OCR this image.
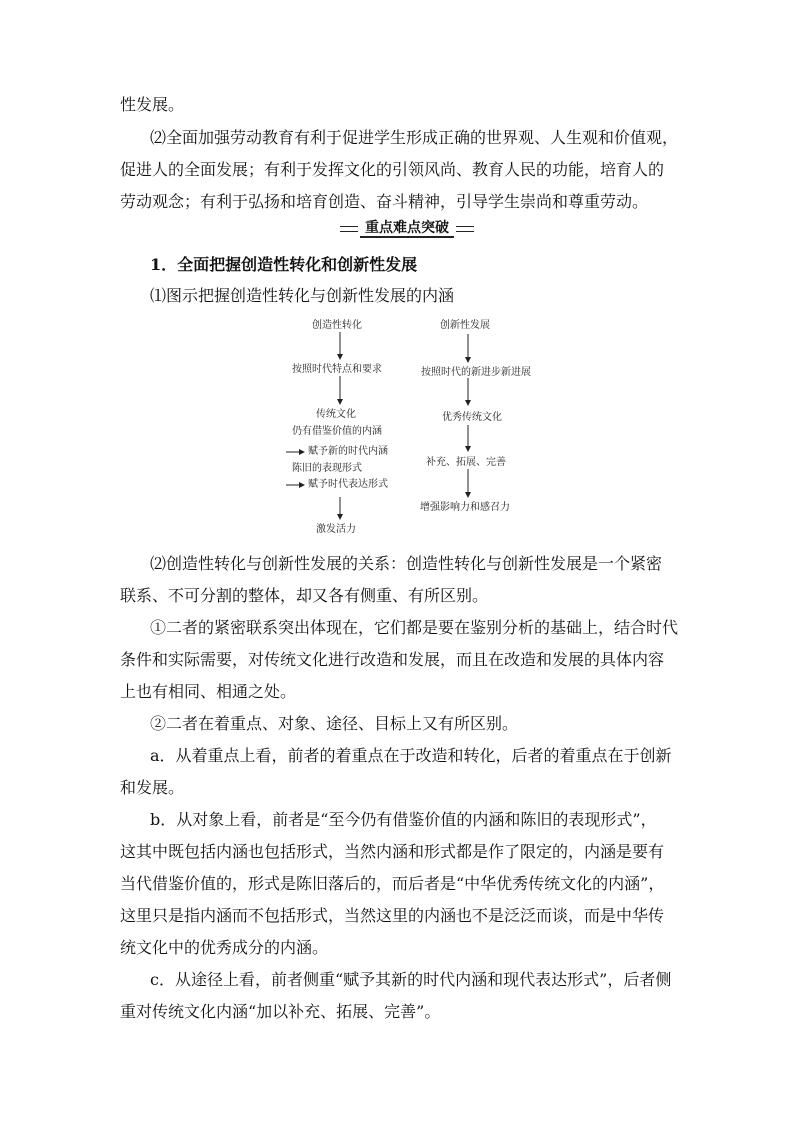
性发展。
⑵全面加强劳动教育有利于促进学生形成正确的世界观、人生观和价值观，
促进人的全面发展；有利于发挥文化的引领风尚、教育人民的功能，培育人的
劳动观念；有利于弘扬和培育创造、奋斗精神，引导学生崇尚和尊重劳动。
重点难点突破
1．全面把握创造性转化和创新性发展
⑴图示把握创造性转化与创新性发展的内涵
创造性转化
按照时代特点和要求
传统文化
仍有借鉴价值的内涵
赋予新的时代内涵
陈旧的表现形式
赋予时代表达形式
激发活力
创新性发展
按照时代的新进步新进展
优秀传统文化
补充、拓展、完善
增强影响力和感召力
⑵创造性转化与创新性发展的关系：创造性转化与创新性发展是一个紧密
联系、不可分割的整体，却又各有侧重、有所区别。
①二者的紧密联系突出体现在，它们都是要在鉴别分析的基础上，结合时代
条件和实际需要，对传统文化进行改造和发展，而且在改造和发展的具体内容
上也有相同、相通之处。
②二者在着重点、对象、途径、目标上又有所区别。
a．从着重点上看，前者的着重点在于改造和转化，后者的着重点在于创新
和发展。
b．从对象上看，前者是“至今仍有借鉴价值的内涵和陈旧的表现形式”，
这其中既包括内涵也包括形式，当然内涵和形式都是作了限定的，内涵是要有
当代借鉴价值的，形式是陈旧落后的，而后者是“中华优秀传统文化的内涵”，
这里只是指内涵而不包括形式，当然这里的内涵也不是泛泛而谈，而是中华传
统文化中的优秀成分的内涵。
c．从途径上看，前者侧重“赋予其新的时代内涵和现代表达形式”，后者侧
重对传统文化内涵“加以补充、拓展、完善”。
